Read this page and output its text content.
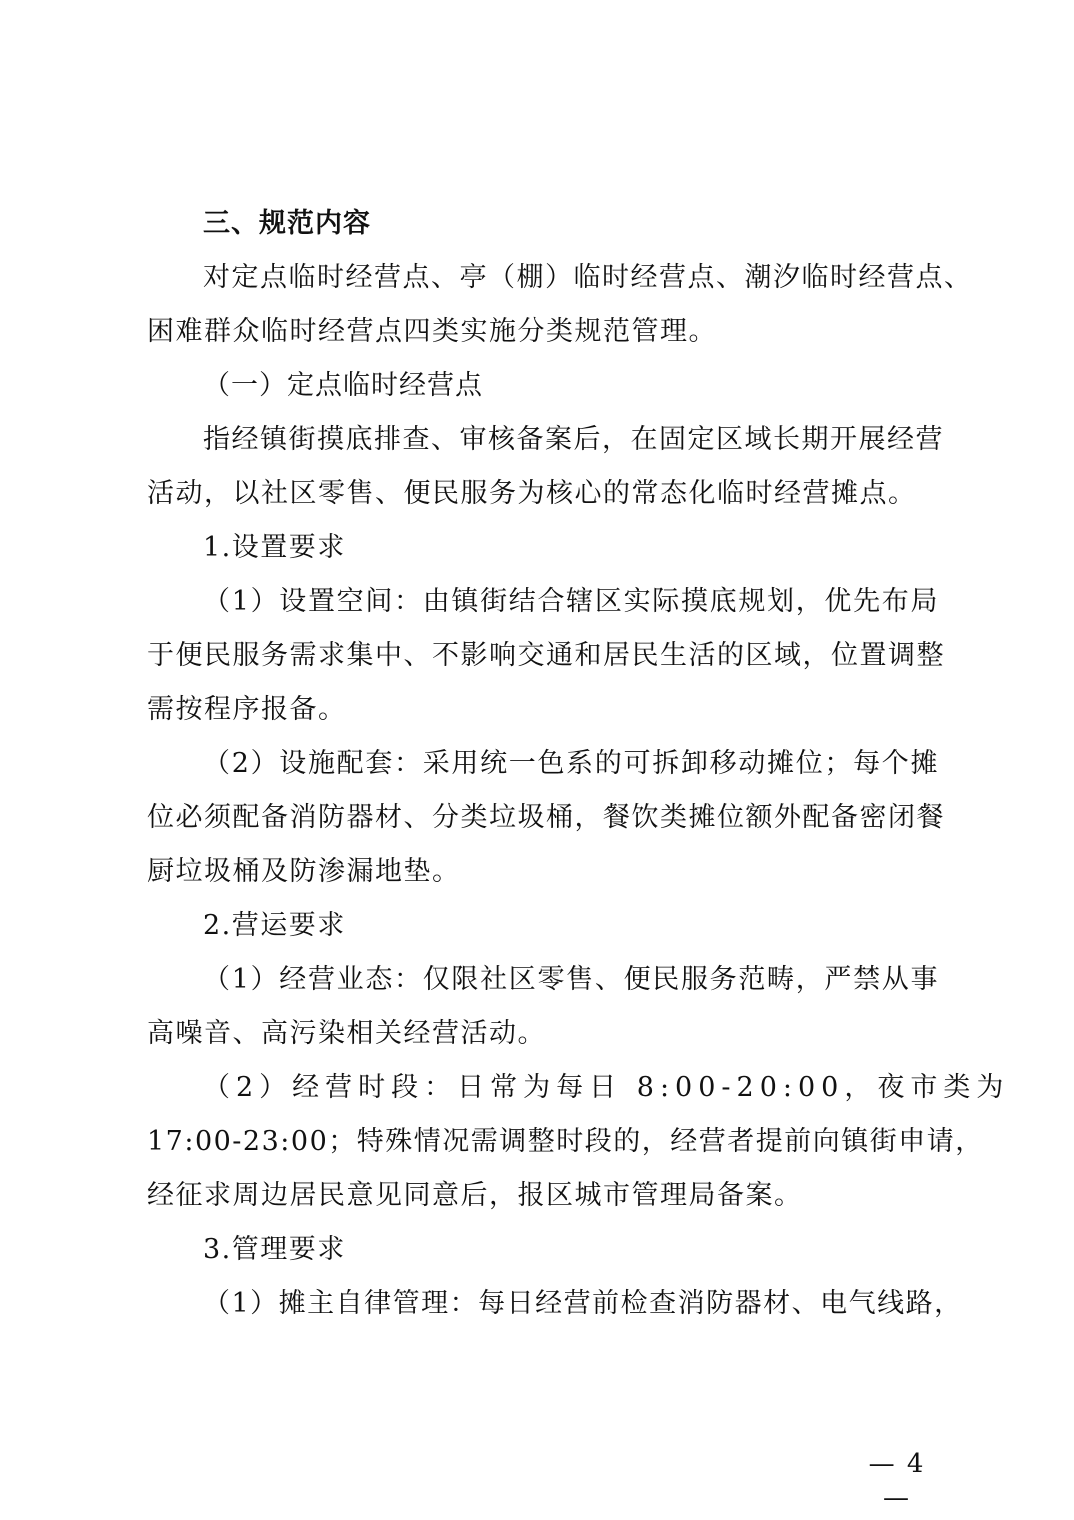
三、规范内容
对定点临时经营点、亭（棚）临时经营点、潮汐临时经营点、
困难群众临时经营点四类实施分类规范管理。
（一）定点临时经营点
指经镇街摸底排查、审核备案后，在固定区域长期开展经营
活动，以社区零售、便民服务为核心的常态化临时经营摊点。
1.设置要求
（1）设置空间：由镇街结合辖区实际摸底规划，优先布局
于便民服务需求集中、不影响交通和居民生活的区域，位置调整
需按程序报备。
（2）设施配套：采用统一色系的可拆卸移动摊位；每个摊
位必须配备消防器材、分类垃圾桶，餐饮类摊位额外配备密闭餐
厨垃圾桶及防渗漏地垫。
2.营运要求
（1）经营业态：仅限社区零售、便民服务范畴，严禁从事
高噪音、高污染相关经营活动。
（2）经营时段：日常为每日 8:00-20:00，夜市类为
17:00-23:00；特殊情况需调整时段的，经营者提前向镇街申请，
经征求周边居民意见同意后，报区城市管理局备案。
3.管理要求
（1）摊主自律管理：每日经营前检查消防器材、电气线路，
— 4 —
